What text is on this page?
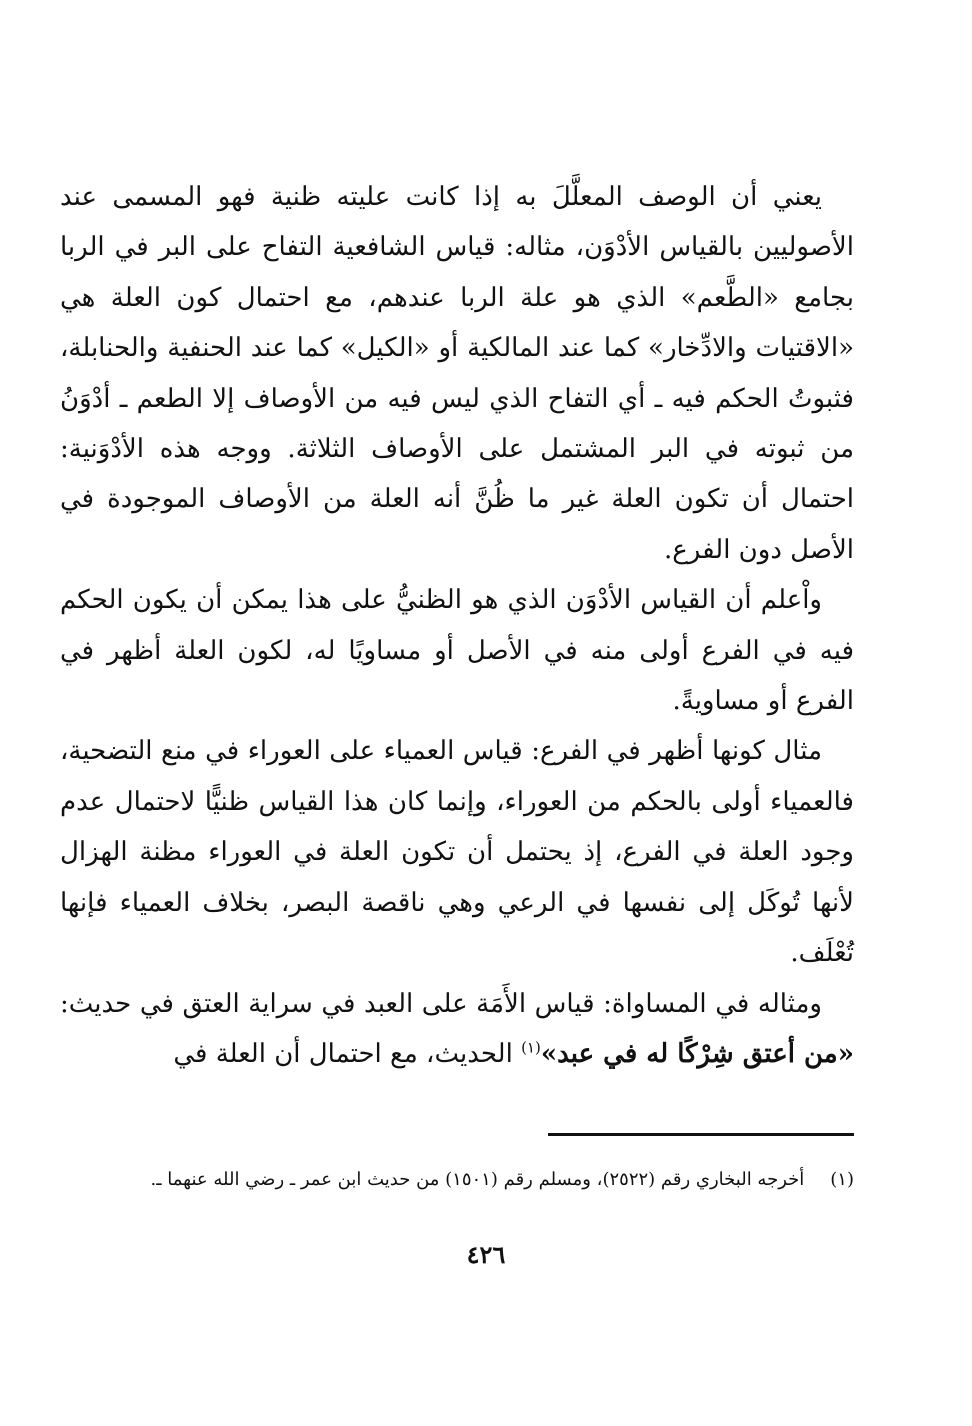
يعني أن الوصف المعلَّلَ به إذا كانت عليته ظنية فهو المسمى عند الأصوليين بالقياس الأدْوَن، مثاله: قياس الشافعية التفاح على البر في الربا بجامع «الطَّعم» الذي هو علة الربا عندهم، مع احتمال كون العلة هي «الاقتيات والادِّخار» كما عند المالكية أو «الكيل» كما عند الحنفية والحنابلة، فثبوتُ الحكم فيه ـ أي التفاح الذي ليس فيه من الأوصاف إلا الطعم ـ أدْوَنُ من ثبوته في البر المشتمل على الأوصاف الثلاثة. ووجه هذه الأدْوَنية: احتمال أن تكون العلة غير ما ظُنَّ أنه العلة من الأوصاف الموجودة في الأصل دون الفرع.

واْعلم أن القياس الأدْوَن الذي هو الظنيُّ على هذا يمكن أن يكون الحكم فيه في الفرع أولى منه في الأصل أو مساويًا له، لكون العلة أظهر في الفرع أو مساويةً.

مثال كونها أظهر في الفرع: قياس العمياء على العوراء في منع التضحية، فالعمياء أولى بالحكم من العوراء، وإنما كان هذا القياس ظنيًّا لاحتمال عدم وجود العلة في الفرع، إذ يحتمل أن تكون العلة في العوراء مظنة الهزال لأنها تُوكَل إلى نفسها في الرعي وهي ناقصة البصر، بخلاف العمياء فإنها تُعْلَف.

ومثاله في المساواة: قياس الأَمَة على العبد في سراية العتق في حديث: «من أعتق شِرْكًا له في عبد»$^{(١)}$ الحديث، مع احتمال أن العلة في

(١)أخرجه البخاري رقم (٢٥٢٢)، ومسلم رقم (١٥٠١) من حديث ابن عمر ـ رضي الله عنهما ـ.
٤٢٦
